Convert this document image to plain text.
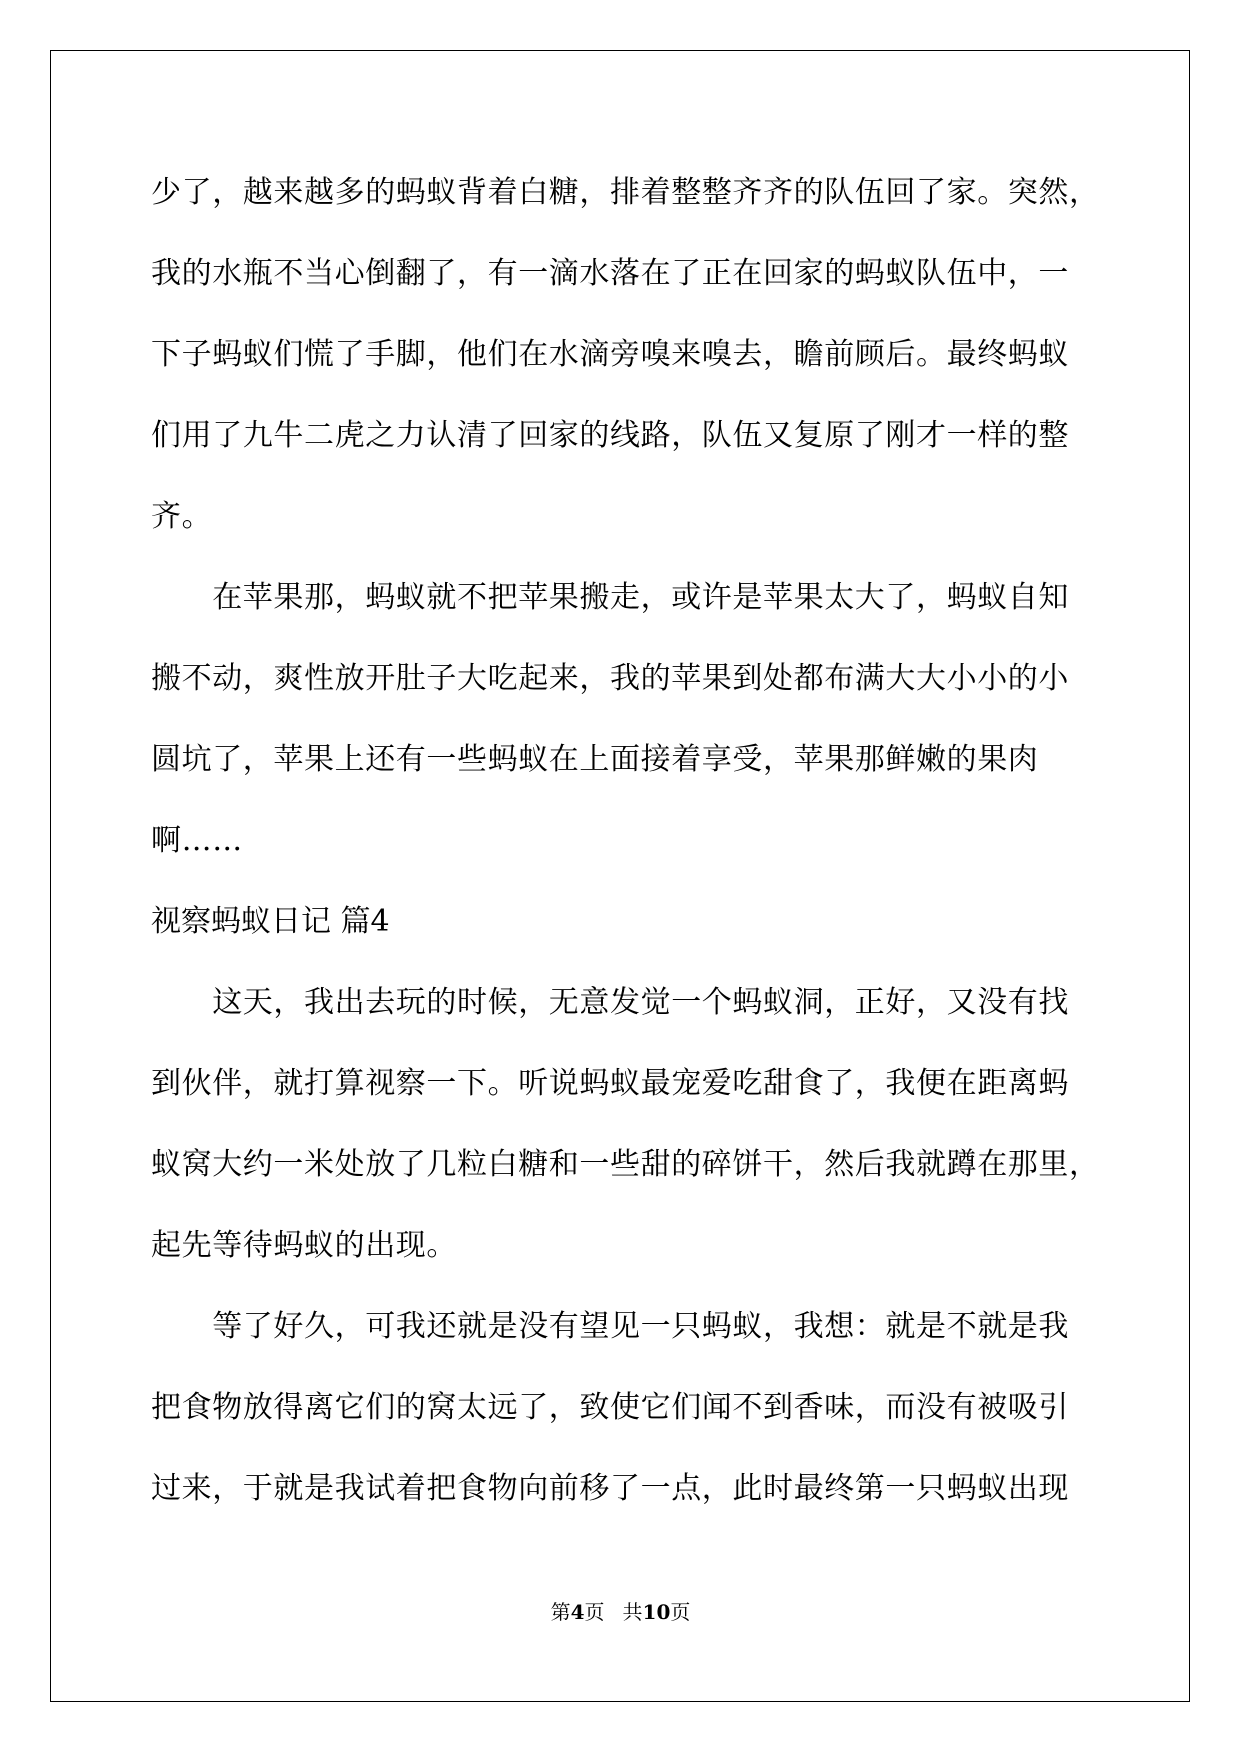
少了，越来越多的蚂蚁背着白糖，排着整整齐齐的队伍回了家。突然，
我的水瓶不当心倒翻了，有一滴水落在了正在回家的蚂蚁队伍中，一
下子蚂蚁们慌了手脚，他们在水滴旁嗅来嗅去，瞻前顾后。最终蚂蚁
们用了九牛二虎之力认清了回家的线路，队伍又复原了刚才一样的整
齐。
　　在苹果那，蚂蚁就不把苹果搬走，或许是苹果太大了，蚂蚁自知
搬不动，爽性放开肚子大吃起来，我的苹果到处都布满大大小小的小
圆坑了，苹果上还有一些蚂蚁在上面接着享受，苹果那鲜嫩的果肉
啊……
视察蚂蚁日记 篇4
　　这天，我出去玩的时候，无意发觉一个蚂蚁洞，正好，又没有找
到伙伴，就打算视察一下。听说蚂蚁最宠爱吃甜食了，我便在距离蚂
蚁窝大约一米处放了几粒白糖和一些甜的碎饼干，然后我就蹲在那里，
起先等待蚂蚁的出现。
　　等了好久，可我还就是没有望见一只蚂蚁，我想：就是不就是我
把食物放得离它们的窝太远了，致使它们闻不到香味，而没有被吸引
过来，于就是我试着把食物向前移了一点，此时最终第一只蚂蚁出现
第4页 共10页
